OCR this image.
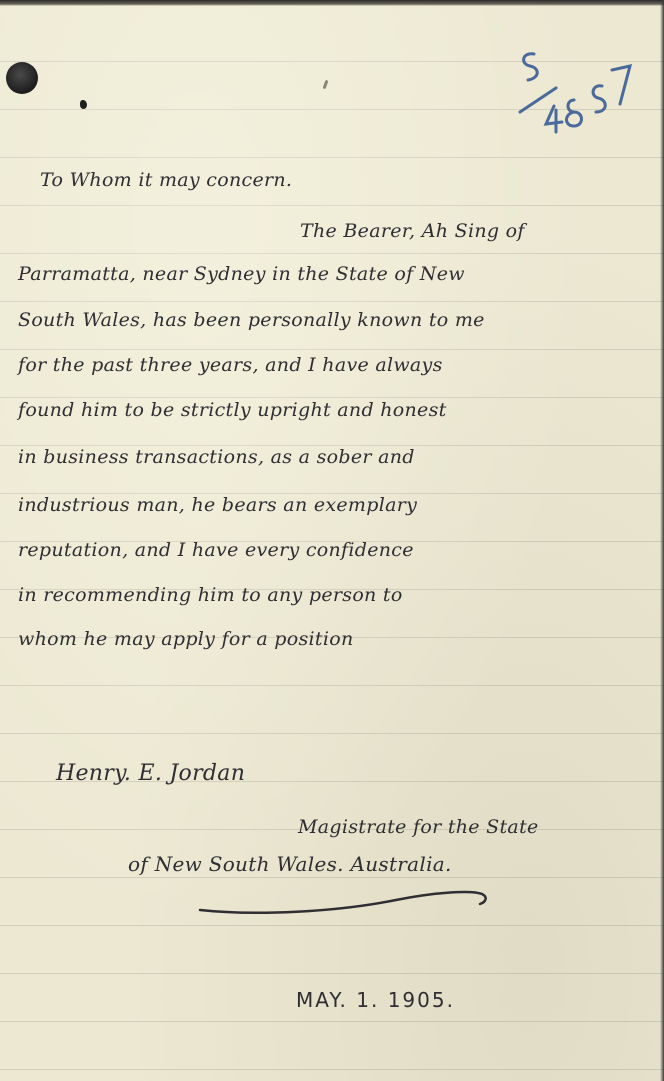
To Whom it may concern.
The Bearer, Ah Sing of
Parramatta, near Sydney in the State of New
South Wales, has been personally known to me
for the past three years, and I have always
found him to be strictly upright and honest
in business transactions, as a sober and
industrious man, he bears an exemplary
reputation, and I have every confidence
in recommending him to any person to
whom he may apply for a position
Henry. E. Jordan
Magistrate for the State
of New South Wales. Australia.
MAY. 1. 1905.
